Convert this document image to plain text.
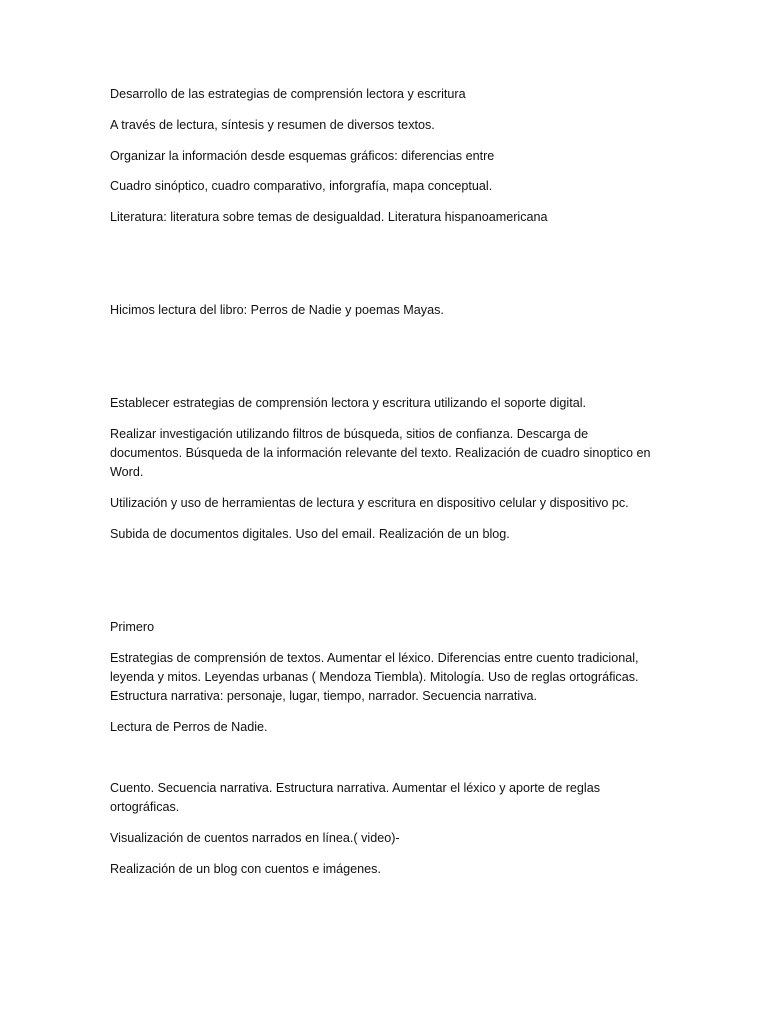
Desarrollo de las estrategias de comprensión lectora y escritura
A través de lectura, síntesis y resumen de diversos textos.
Organizar la información desde esquemas gráficos: diferencias entre
Cuadro sinóptico, cuadro comparativo, inforgrafía, mapa conceptual.
Literatura: literatura sobre temas de desigualdad. Literatura hispanoamericana
Hicimos lectura del libro: Perros de Nadie y poemas Mayas.
Establecer estrategias de comprensión lectora y escritura utilizando el soporte digital.
Realizar investigación utilizando filtros de búsqueda, sitios de confianza. Descarga de documentos. Búsqueda de la información relevante del texto. Realización de cuadro sinoptico en Word.
Utilización y uso de herramientas de lectura y escritura en dispositivo celular y dispositivo pc.
Subida de documentos digitales. Uso del email. Realización de un blog.
Primero
Estrategias de comprensión de textos. Aumentar el léxico. Diferencias entre cuento tradicional, leyenda y mitos. Leyendas urbanas ( Mendoza Tiembla). Mitología. Uso de reglas ortográficas. Estructura narrativa: personaje, lugar, tiempo, narrador. Secuencia narrativa.
Lectura de Perros de Nadie.
Cuento. Secuencia narrativa. Estructura narrativa. Aumentar el léxico y aporte de reglas ortográficas.
Visualización de cuentos narrados en línea.( video)-
Realización de un blog con cuentos e imágenes.
